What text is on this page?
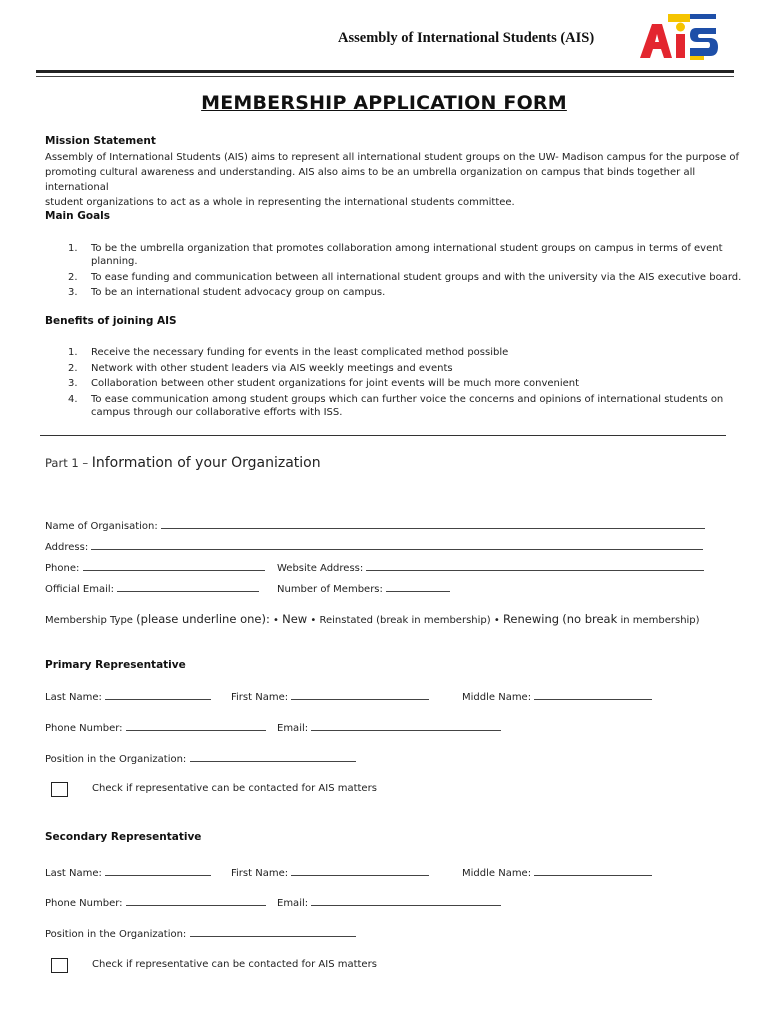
Assembly of International Students (AIS)
MEMBERSHIP APPLICATION FORM
Mission Statement
Assembly of International Students (AIS) aims to represent all international student groups on the UW- Madison campus for the purpose of
promoting cultural awareness and understanding. AIS also aims to be an umbrella organization on campus that binds together all international
student organizations to act as a whole in representing the international students committee.
Main Goals
1. To be the umbrella organization that promotes collaboration among international student groups on campus in terms of event
planning.
2. To ease funding and communication between all international student groups and with the university via the AIS executive board.
3. To be an international student advocacy group on campus.
Benefits of joining AIS
1. Receive the necessary funding for events in the least complicated method possible
2. Network with other student leaders via AIS weekly meetings and events
3. Collaboration between other student organizations for joint events will be much more convenient
4. To ease communication among student groups which can further voice the concerns and opinions of international students on
campus through our collaborative efforts with ISS.
Part 1 – Information of your Organization
Name of Organisation:
Address:
Phone:	Website Address:
Official Email:	Number of Members:
Membership Type (please underline one): • New • Reinstated (break in membership) • Renewing (no break in membership)
Primary Representative
Last Name:	First Name:	Middle Name:
Phone Number:	Email:
Position in the Organization:
Check if representative can be contacted for AIS matters
Secondary Representative
Last Name:	First Name:	Middle Name:
Phone Number:	Email:
Position in the Organization:
Check if representative can be contacted for AIS matters
